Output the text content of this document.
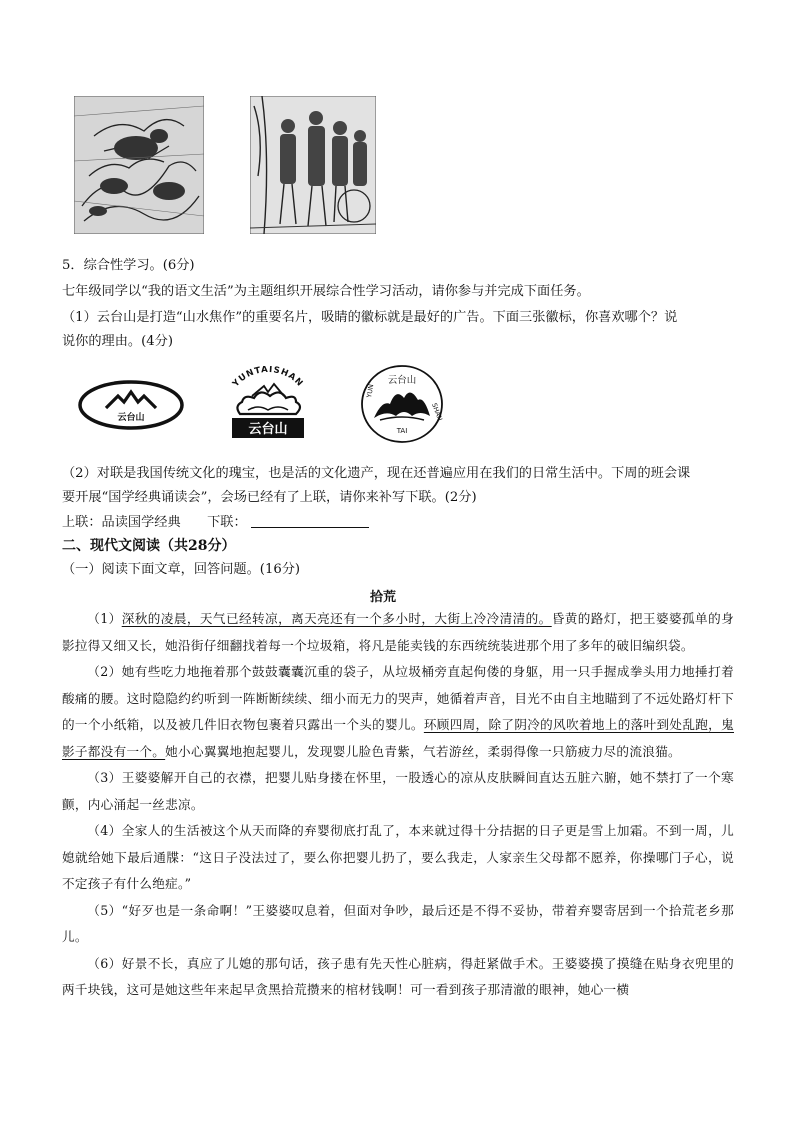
5．综合性学习。(6分)
七年级同学以“我的语文生活”为主题组织开展综合性学习活动，请你参与并完成下面任务。
（1）云台山是打造“山水焦作”的重要名片，吸睛的徽标就是最好的广告。下面三张徽标，你喜欢哪个？说
说你的理由。(4分)
云台山
YUNTAISHAN
云台山
云台山
TAI
YUN
SHAN
（2）对联是我国传统文化的瑰宝，也是活的文化遗产，现在还普遍应用在我们的日常生活中。下周的班会课
要开展“国学经典诵读会”，会场已经有了上联，请你来补写下联。(2分)
上联：品读国学经典 下联：
二、现代文阅读（共28分）
（一）阅读下面文章，回答问题。(16分)
拾荒

（1）深秋的凌晨，天气已经转凉，离天亮还有一个多小时，大街上冷冷清清的。昏黄的路灯，把王婆婆孤单的身影拉得又细又长，她沿街仔细翻找着每一个垃圾箱，将凡是能卖钱的东西统统装进那个用了多年的破旧编织袋。

（2）她有些吃力地拖着那个鼓鼓囊囊沉重的袋子，从垃圾桶旁直起佝偻的身躯，用一只手握成拳头用力地捶打着酸痛的腰。这时隐隐约约听到一阵断断续续、细小而无力的哭声，她循着声音，目光不由自主地瞄到了不远处路灯杆下的一个小纸箱，以及被几件旧衣物包裹着只露出一个头的婴儿。环顾四周，除了阴冷的风吹着地上的落叶到处乱跑，鬼影子都没有一个。她小心翼翼地抱起婴儿，发现婴儿脸色青紫，气若游丝，柔弱得像一只筋疲力尽的流浪猫。

（3）王婆婆解开自己的衣襟，把婴儿贴身搂在怀里，一股透心的凉从皮肤瞬间直达五脏六腑，她不禁打了一个寒颤，内心涌起一丝悲凉。

（4）全家人的生活被这个从天而降的弃婴彻底打乱了，本来就过得十分拮据的日子更是雪上加霜。不到一周，儿媳就给她下最后通牒：“这日子没法过了，要么你把婴儿扔了，要么我走，人家亲生父母都不愿养，你操哪门子心，说不定孩子有什么绝症。”

（5）“好歹也是一条命啊！”王婆婆叹息着，但面对争吵，最后还是不得不妥协，带着弃婴寄居到一个拾荒老乡那儿。

（6）好景不长，真应了儿媳的那句话，孩子患有先天性心脏病，得赶紧做手术。王婆婆摸了摸缝在贴身衣兜里的两千块钱，这可是她这些年来起早贪黑拾荒攒来的棺材钱啊！可一看到孩子那清澈的眼神，她心一横
